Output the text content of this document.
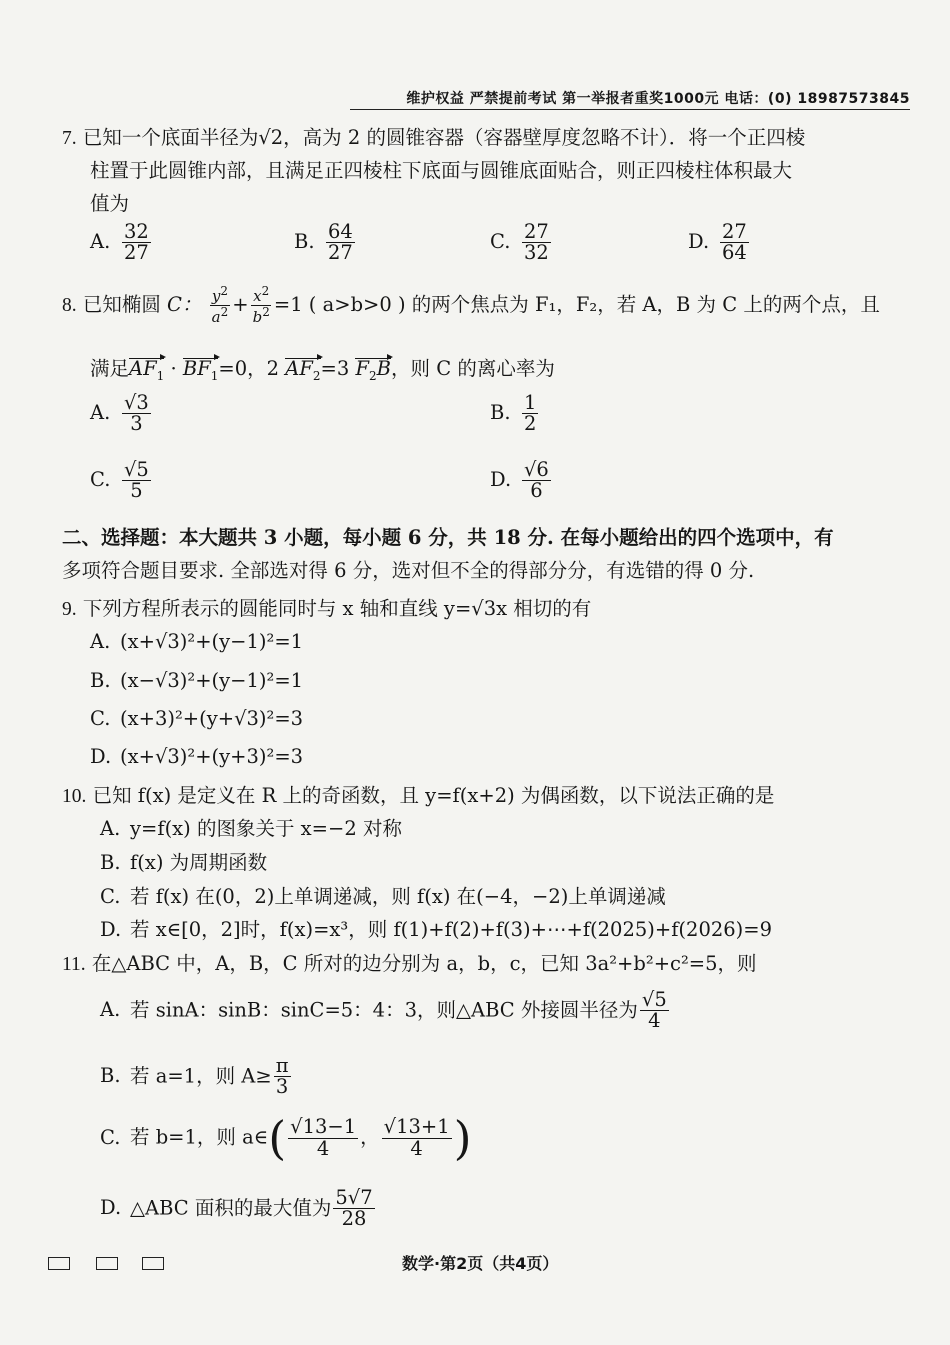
维护权益 严禁提前考试 第一举报者重奖1000元 电话：(0) 18987573845
7. 已知一个底面半径为√2，高为 2 的圆锥容器（容器壁厚度忽略不计）．将一个正四棱
柱置于此圆锥内部，且满足正四棱柱下底面与圆锥底面贴合，则正四棱柱体积最大
值为
A. $\frac{32}{27}$	B. $\frac{64}{27}$	C. $\frac{27}{32}$	D. $\frac{27}{64}$
8. 已知椭圆 C： $\frac{y^2}{a^2} + \frac{x^2}{b^2} =1$ ( a>b>0 ) 的两个焦点为 F₁，F₂，若 A，B 为 C 上的两个点，且
满足$AF_1 \cdot BF_1=0$，2 $AF_2=3$ $F_2B$，则 C 的离心率为
A. $\frac{√3}{3}$	B. $\frac{1}{2}$
C. $\frac{√5}{5}$	D. $\frac{√6}{6}$
二、选择题：本大题共 3 小题，每小题 6 分，共 18 分. 在每小题给出的四个选项中，有
多项符合题目要求. 全部选对得 6 分，选对但不全的得部分分，有选错的得 0 分.
9. 下列方程所表示的圆能同时与 x 轴和直线 y=√3x 相切的有
A. (x+√3)²+(y−1)²=1
B. (x−√3)²+(y−1)²=1
C. (x+3)²+(y+√3)²=3
D. (x+√3)²+(y+3)²=3
10. 已知 f(x) 是定义在 R 上的奇函数，且 y=f(x+2) 为偶函数，以下说法正确的是
A. y=f(x) 的图象关于 x=−2 对称
B. f(x) 为周期函数
C. 若 f(x) 在(0，2)上单调递减，则 f(x) 在(−4，−2)上单调递减
D. 若 x∈[0，2]时，f(x)=x³，则 f(1)+f(2)+f(3)+⋯+f(2025)+f(2026)=9
11. 在△ABC 中，A，B，C 所对的边分别为 a，b，c，已知 3a²+b²+c²=5，则
A. 若 sinA：sinB：sinC=5：4：3，则△ABC 外接圆半径为 $\frac{√5}{4}$
B. 若 a=1，则 $A\ge \frac{\pi}{3}$
C. 若 b=1，则 a∈( $\frac{√13-1}{4}$ ， $\frac{√13+1}{4}$ )
D. △ABC 面积的最大值为 $\frac{5√7}{28}$
数学·第2页（共4页）
